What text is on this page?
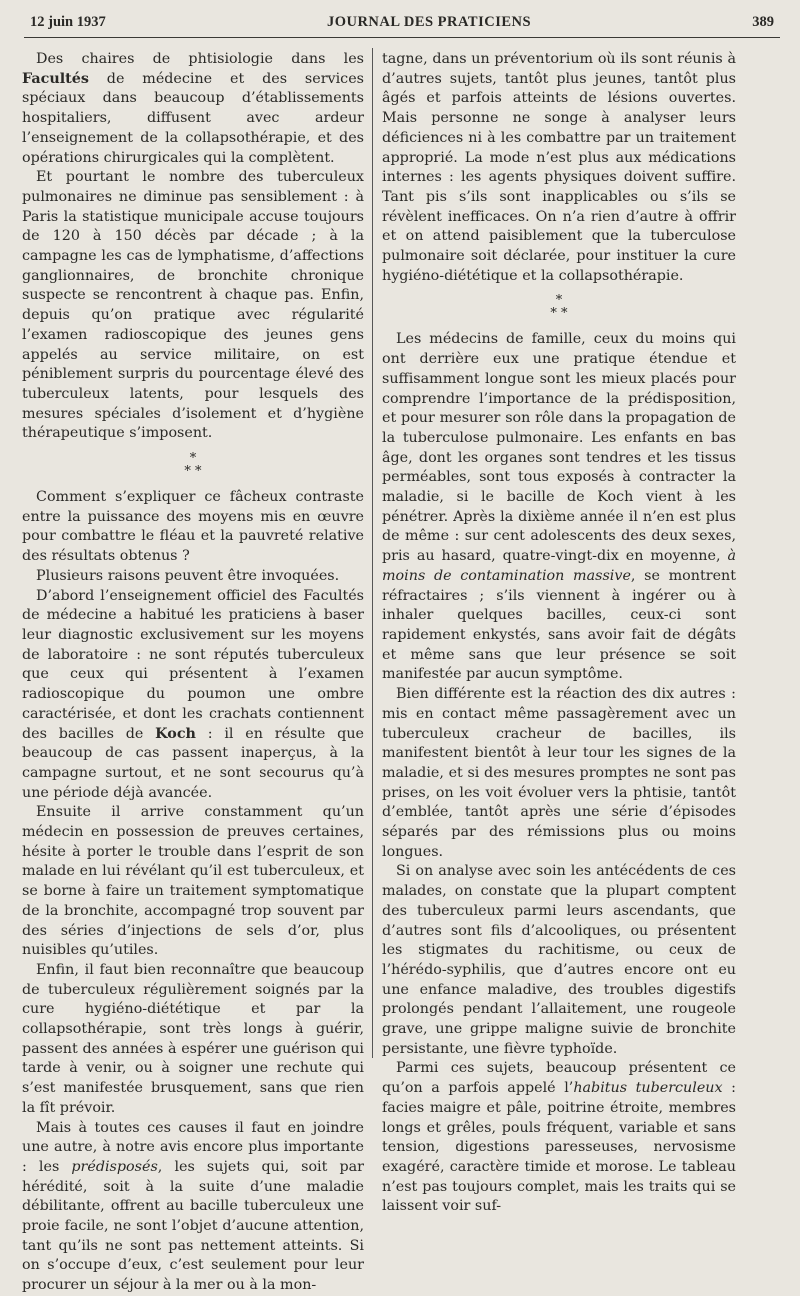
12 juin 1937	JOURNAL DES PRATICIENS	389

Des chaires de phtisiologie dans les Facultés de médecine et des services spéciaux dans beaucoup d’établissements hospitaliers, diffusent avec ardeur l’enseignement de la collapsothérapie, et des opérations chirurgicales qui la complètent.

Et pourtant le nombre des tuberculeux pulmonaires ne diminue pas sensiblement : à Paris la statistique municipale accuse toujours de 120 à 150 décès par décade ; à la campagne les cas de lymphatisme, d’affections ganglionnaires, de bronchite chronique suspecte se rencontrent à chaque pas. Enfin, depuis qu’on pratique avec régularité l’examen radioscopique des jeunes gens appelés au service militaire, on est péniblement surpris du pourcentage élevé des tuberculeux latents, pour lesquels des mesures spéciales d’isolement et d’hygiène thérapeutique s’imposent.

*
* *

Comment s’expliquer ce fâcheux contraste entre la puissance des moyens mis en œuvre pour combattre le fléau et la pauvreté relative des résultats obtenus ?

Plusieurs raisons peuvent être invoquées.

D’abord l’enseignement officiel des Facultés de médecine a habitué les praticiens à baser leur diagnostic exclusivement sur les moyens de laboratoire : ne sont réputés tuberculeux que ceux qui présentent à l’examen radioscopique du poumon une ombre caractérisée, et dont les crachats contiennent des bacilles de Koch : il en résulte que beaucoup de cas passent inaperçus, à la campagne surtout, et ne sont secourus qu’à une période déjà avancée.

Ensuite il arrive constamment qu’un médecin en possession de preuves certaines, hésite à porter le trouble dans l’esprit de son malade en lui révélant qu’il est tuberculeux, et se borne à faire un traitement symptomatique de la bronchite, accompagné trop souvent par des séries d’injections de sels d’or, plus nuisibles qu’utiles.

Enfin, il faut bien reconnaître que beaucoup de tuberculeux régulièrement soignés par la cure hygiéno-diététique et par la collapsothérapie, sont très longs à guérir, passent des années à espérer une guérison qui tarde à venir, ou à soigner une rechute qui s’est manifestée brusquement, sans que rien la fît prévoir.

Mais à toutes ces causes il faut en joindre une autre, à notre avis encore plus importante : les prédisposés, les sujets qui, soit par hérédité, soit à la suite d’une maladie débilitante, offrent au bacille tuberculeux une proie facile, ne sont l’objet d’aucune attention, tant qu’ils ne sont pas nettement atteints. Si on s’occupe d’eux, c’est seulement pour leur procurer un séjour à la mer ou à la mon-

tagne, dans un préventorium où ils sont réunis à d’autres sujets, tantôt plus jeunes, tantôt plus âgés et parfois atteints de lésions ouvertes. Mais personne ne songe à analyser leurs déficiences ni à les combattre par un traitement approprié. La mode n’est plus aux médications internes : les agents physiques doivent suffire. Tant pis s’ils sont inapplicables ou s’ils se révèlent inefficaces. On n’a rien d’autre à offrir et on attend paisiblement que la tuberculose pulmonaire soit déclarée, pour instituer la cure hygiéno-diététique et la collapsothérapie.

*
* *

Les médecins de famille, ceux du moins qui ont derrière eux une pratique étendue et suffisamment longue sont les mieux placés pour comprendre l’importance de la prédisposition, et pour mesurer son rôle dans la propagation de la tuberculose pulmonaire. Les enfants en bas âge, dont les organes sont tendres et les tissus perméables, sont tous exposés à contracter la maladie, si le bacille de Koch vient à les pénétrer. Après la dixième année il n’en est plus de même : sur cent adolescents des deux sexes, pris au hasard, quatre-vingt-dix en moyenne, à moins de contamination massive, se montrent réfractaires ; s’ils viennent à ingérer ou à inhaler quelques bacilles, ceux-ci sont rapidement enkystés, sans avoir fait de dégâts et même sans que leur présence se soit manifestée par aucun symptôme.

Bien différente est la réaction des dix autres : mis en contact même passagèrement avec un tuberculeux cracheur de bacilles, ils manifestent bientôt à leur tour les signes de la maladie, et si des mesures promptes ne sont pas prises, on les voit évoluer vers la phtisie, tantôt d’emblée, tantôt après une série d’épisodes séparés par des rémissions plus ou moins longues.

Si on analyse avec soin les antécédents de ces malades, on constate que la plupart comptent des tuberculeux parmi leurs ascendants, que d’autres sont fils d’alcooliques, ou présentent les stigmates du rachitisme, ou ceux de l’hérédo-syphilis, que d’autres encore ont eu une enfance maladive, des troubles digestifs prolongés pendant l’allaitement, une rougeole grave, une grippe maligne suivie de bronchite persistante, une fièvre typhoïde.

Parmi ces sujets, beaucoup présentent ce qu’on a parfois appelé l’habitus tuberculeux : facies maigre et pâle, poitrine étroite, membres longs et grêles, pouls fréquent, variable et sans tension, digestions paresseuses, nervosisme exagéré, caractère timide et morose. Le tableau n’est pas toujours complet, mais les traits qui se laissent voir suf-
